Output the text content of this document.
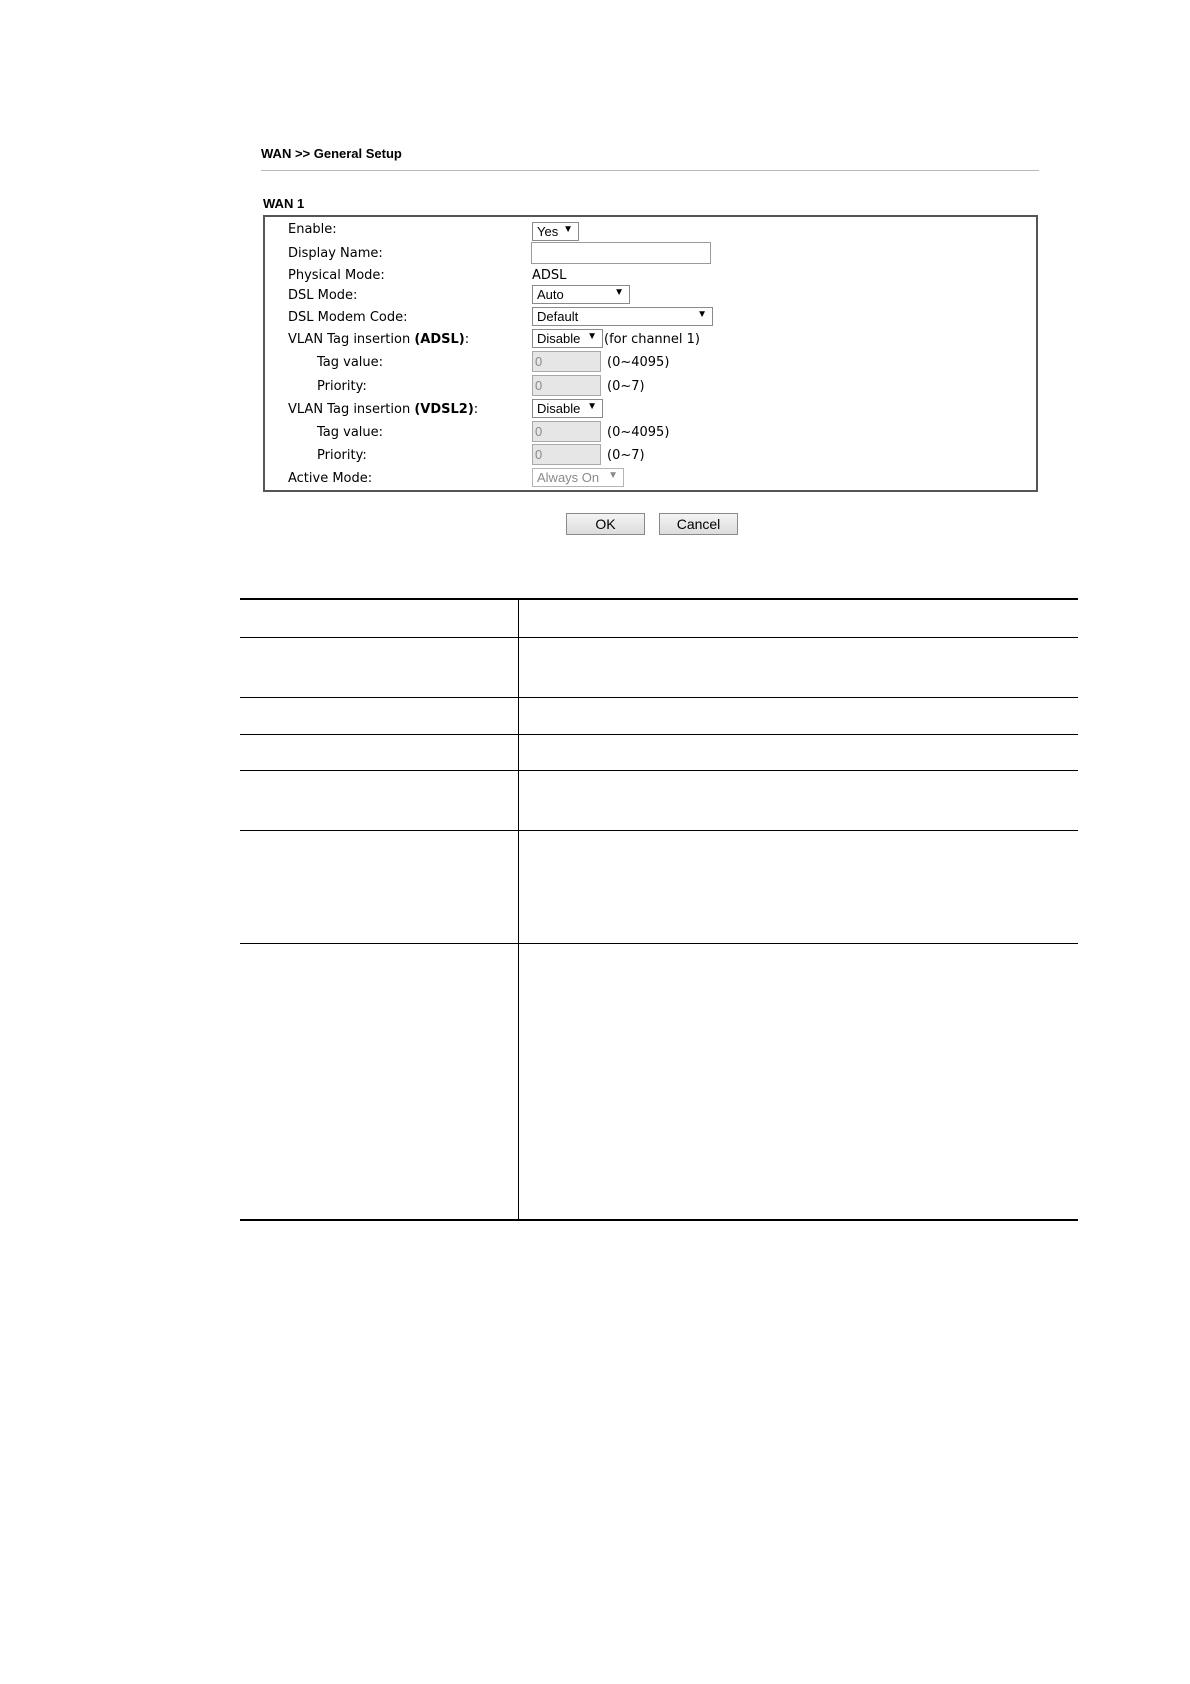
WAN >> General Setup
WAN 1
Enable:	Yes ▼
Display Name:
Physical Mode:	ADSL
DSL Mode:	Auto	▼
DSL Modem Code:	Default	▼
VLAN Tag insertion (ADSL):	Disable ▼ (for channel 1)
Tag value:	0	(0~4095)
Priority:	0	(0~7)
VLAN Tag insertion (VDSL2):	Disable ▼
Tag value:	0	(0~4095)
Priority:	0	(0~7)
Active Mode:	Always On ▼
OK	Cancel
